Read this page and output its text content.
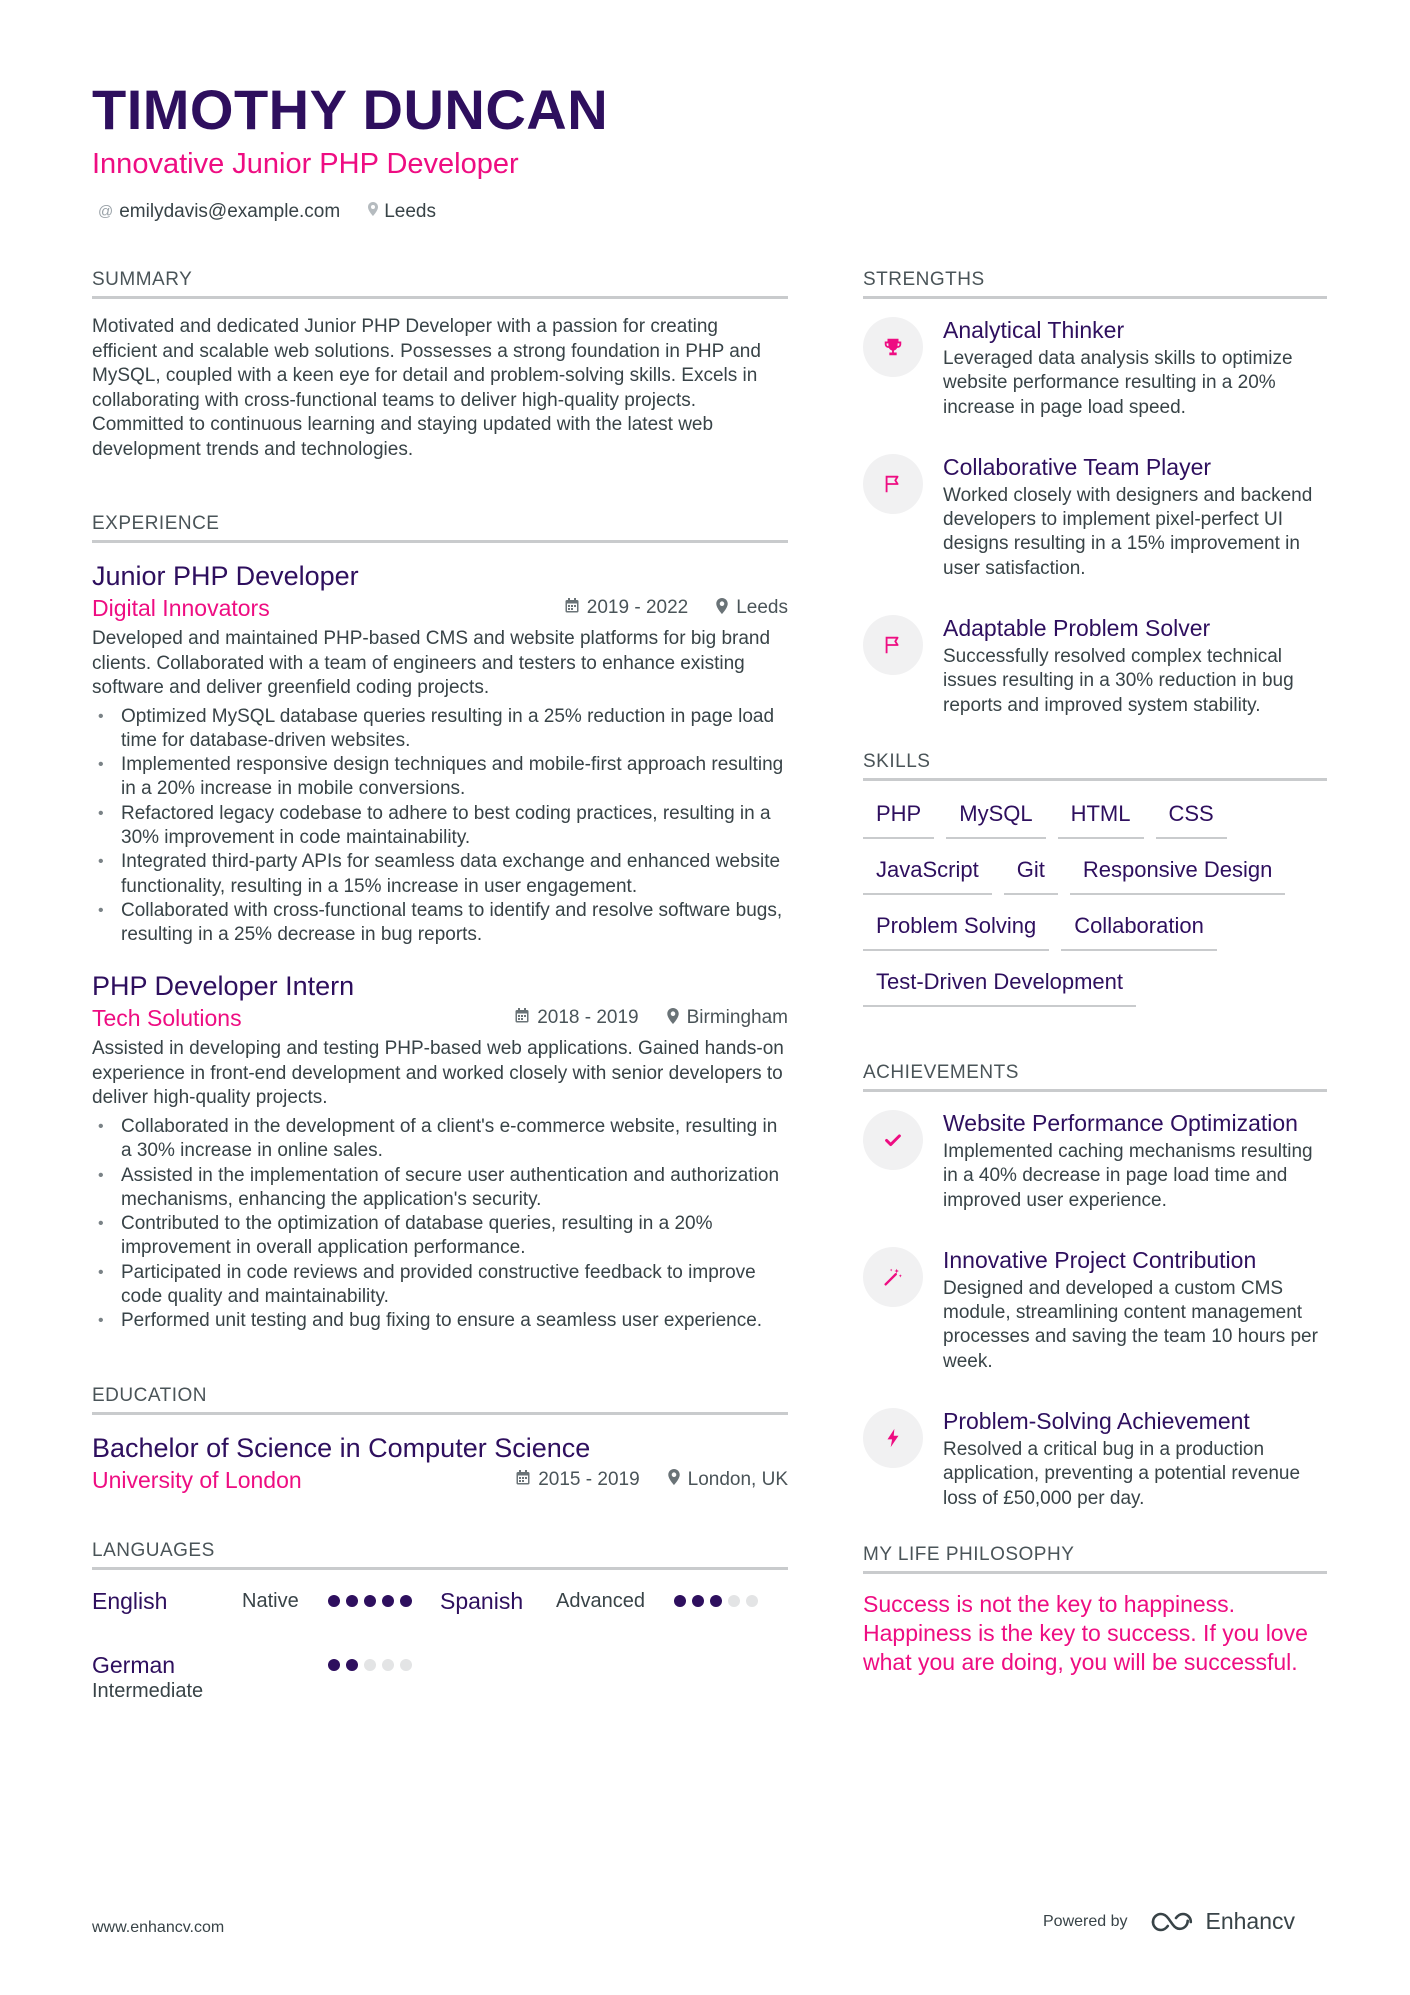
TIMOTHY DUNCAN
Innovative Junior PHP Developer
@ emilydavis@example.com Leeds
SUMMARY

Motivated and dedicated Junior PHP Developer with a passion for creating efficient and scalable web solutions. Possesses a strong foundation in PHP and MySQL, coupled with a keen eye for detail and problem-solving skills. Excels in collaborating with cross-functional teams to deliver high-quality projects. Committed to continuous learning and staying updated with the latest web development trends and technologies.

EXPERIENCE
Junior PHP Developer
Digital Innovators	2019 - 2022	Leeds

Developed and maintained PHP-based CMS and website platforms for big brand clients. Collaborated with a team of engineers and testers to enhance existing software and deliver greenfield coding projects.

• Optimized MySQL database queries resulting in a 25% reduction in page load time for database-driven websites.
• Implemented responsive design techniques and mobile-first approach resulting in a 20% increase in mobile conversions.
• Refactored legacy codebase to adhere to best coding practices, resulting in a 30% improvement in code maintainability.
• Integrated third-party APIs for seamless data exchange and enhanced website functionality, resulting in a 15% increase in user engagement.
• Collaborated with cross-functional teams to identify and resolve software bugs, resulting in a 25% decrease in bug reports.
PHP Developer Intern
Tech Solutions	2018 - 2019	Birmingham

Assisted in developing and testing PHP-based web applications. Gained hands-on experience in front-end development and worked closely with senior developers to deliver high-quality projects.

• Collaborated in the development of a client's e-commerce website, resulting in a 30% increase in online sales.
• Assisted in the implementation of secure user authentication and authorization mechanisms, enhancing the application's security.
• Contributed to the optimization of database queries, resulting in a 20% improvement in overall application performance.
• Participated in code reviews and provided constructive feedback to improve code quality and maintainability.
• Performed unit testing and bug fixing to ensure a seamless user experience.
EDUCATION
Bachelor of Science in Computer Science
University of London	2015 - 2019	London, UK
LANGUAGES
English	Native	Spanish	Advanced
German
Intermediate
STRENGTHS
Analytical Thinker
Leveraged data analysis skills to optimize website performance resulting in a 20% increase in page load speed.
Collaborative Team Player
Worked closely with designers and backend developers to implement pixel-perfect UI designs resulting in a 15% improvement in user satisfaction.
Adaptable Problem Solver
Successfully resolved complex technical issues resulting in a 30% reduction in bug reports and improved system stability.
SKILLS
PHP	MySQL	HTML	CSS
JavaScript	Git	Responsive Design
Problem Solving	Collaboration
Test-Driven Development
ACHIEVEMENTS
Website Performance Optimization
Implemented caching mechanisms resulting in a 40% decrease in page load time and improved user experience.
Innovative Project Contribution
Designed and developed a custom CMS module, streamlining content management processes and saving the team 10 hours per week.
Problem-Solving Achievement
Resolved a critical bug in a production application, preventing a potential revenue loss of £50,000 per day.
MY LIFE PHILOSOPHY

Success is not the key to happiness. Happiness is the key to success. If you love what you are doing, you will be successful.

www.enhancv.com	Powered by	Enhancv
